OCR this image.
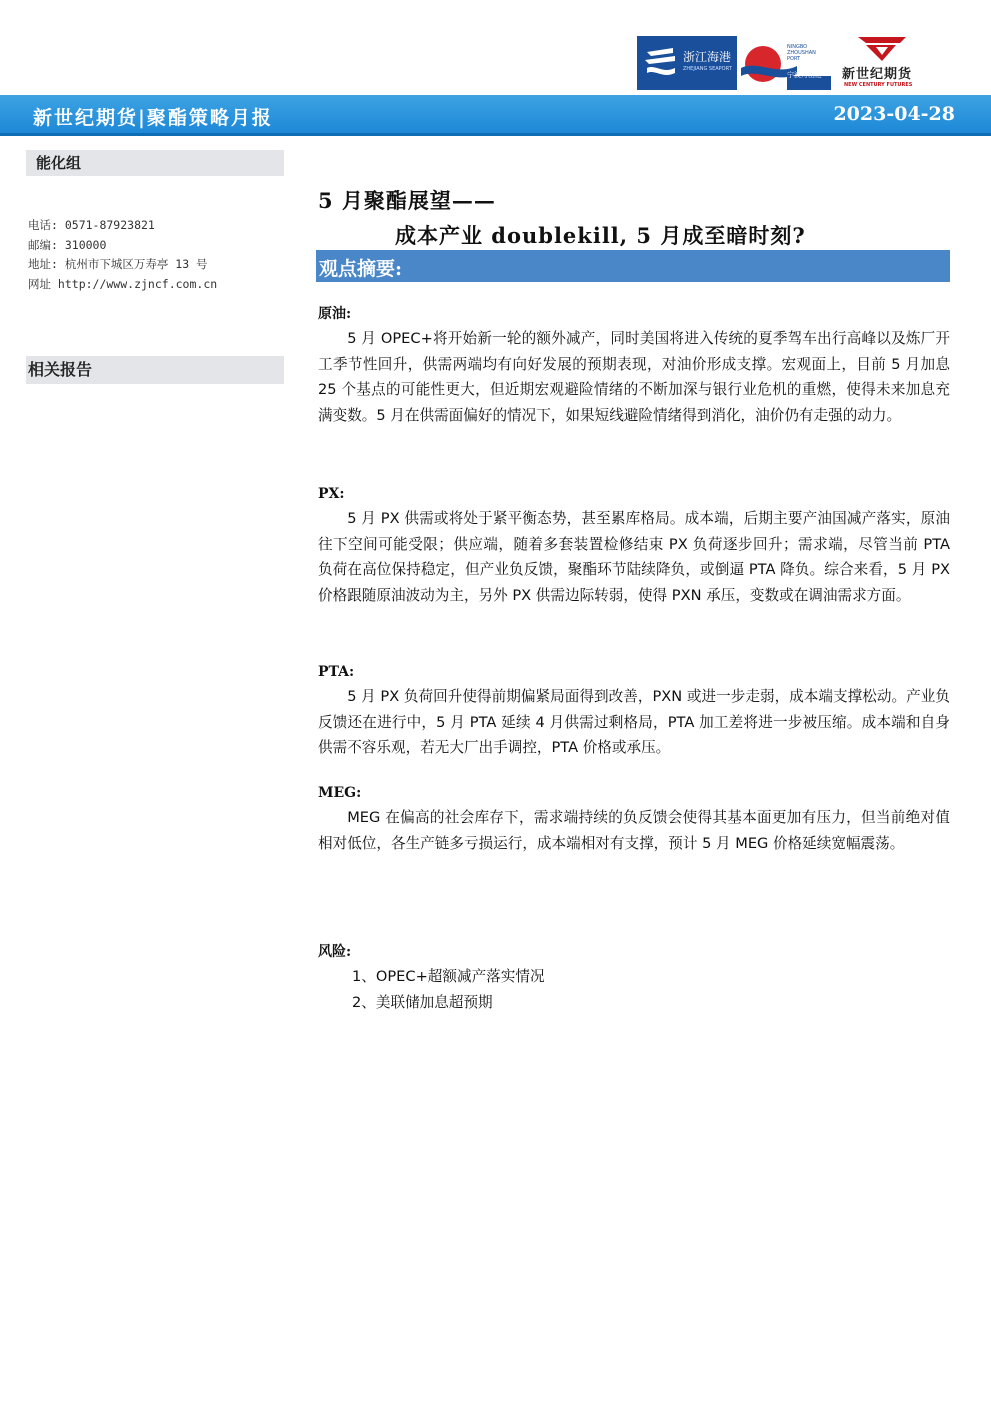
浙江海港
ZHEJIANG SEAPORT
NINGBO ZHOUSHAN PORT
宁波舟山港 新世纪期货
NEW CENTURY FUTURES
新世纪期货|聚酯策略月报	2023-04-28
能化组
电话: 0571-87923821
邮编: 310000
地址: 杭州市下城区万寿亭 13 号
网址 http://www.zjncf.com.cn
相关报告
5 月聚酯展望——
成本产业 doublekill, 5 月成至暗时刻?
观点摘要:
原油:

5 月 OPEC+将开始新一轮的额外减产，同时美国将进入传统的夏季驾车出行高峰以及炼厂开工季节性回升，供需两端均有向好发展的预期表现，对油价形成支撑。宏观面上，目前 5 月加息 25 个基点的可能性更大，但近期宏观避险情绪的不断加深与银行业危机的重燃，使得未来加息充满变数。5 月在供需面偏好的情况下，如果短线避险情绪得到消化，油价仍有走强的动力。

PX:

5 月 PX 供需或将处于紧平衡态势，甚至累库格局。成本端，后期主要产油国减产落实，原油往下空间可能受限；供应端，随着多套装置检修结束 PX 负荷逐步回升；需求端，尽管当前 PTA 负荷在高位保持稳定，但产业负反馈，聚酯环节陆续降负，或倒逼 PTA 降负。综合来看，5 月 PX 价格跟随原油波动为主，另外 PX 供需边际转弱，使得 PXN 承压，变数或在调油需求方面。

PTA:

5 月 PX 负荷回升使得前期偏紧局面得到改善，PXN 或进一步走弱，成本端支撑松动。产业负反馈还在进行中，5 月 PTA 延续 4 月供需过剩格局，PTA 加工差将进一步被压缩。成本端和自身供需不容乐观，若无大厂出手调控，PTA 价格或承压。

MEG:

MEG 在偏高的社会库存下，需求端持续的负反馈会使得其基本面更加有压力，但当前绝对值相对低位，各生产链多亏损运行，成本端相对有支撑，预计 5 月 MEG 价格延续宽幅震荡。

风险:
1、OPEC+超额减产落实情况
2、美联储加息超预期
